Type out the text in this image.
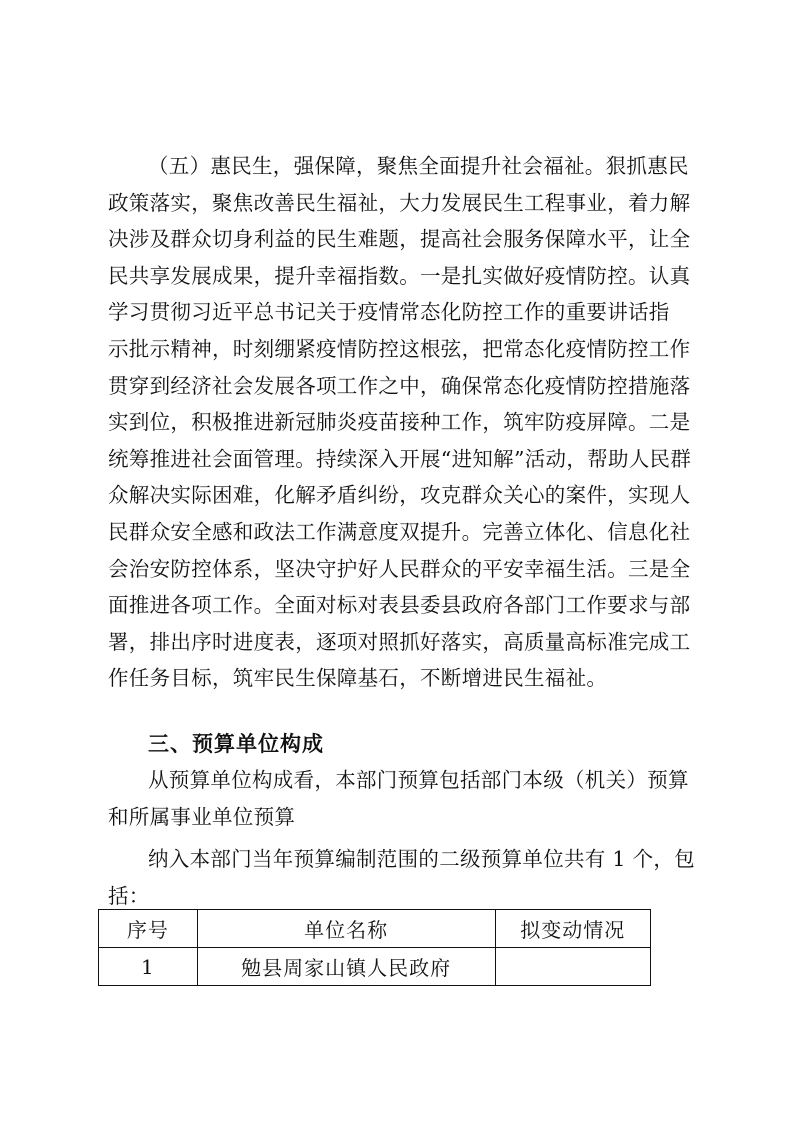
（五）惠民生，强保障，聚焦全面提升社会福祉。狠抓惠民
政策落实，聚焦改善民生福祉，大力发展民生工程事业，着力解
决涉及群众切身利益的民生难题，提高社会服务保障水平，让全
民共享发展成果，提升幸福指数。一是扎实做好疫情防控。认真
学习贯彻习近平总书记关于疫情常态化防控工作的重要讲话指
示批示精神，时刻绷紧疫情防控这根弦，把常态化疫情防控工作
贯穿到经济社会发展各项工作之中，确保常态化疫情防控措施落
实到位，积极推进新冠肺炎疫苗接种工作，筑牢防疫屏障。二是
统筹推进社会面管理。持续深入开展“进知解”活动，帮助人民群
众解决实际困难，化解矛盾纠纷，攻克群众关心的案件，实现人
民群众安全感和政法工作满意度双提升。完善立体化、信息化社
会治安防控体系，坚决守护好人民群众的平安幸福生活。三是全
面推进各项工作。全面对标对表县委县政府各部门工作要求与部
署，排出序时进度表，逐项对照抓好落实，高质量高标准完成工
作任务目标，筑牢民生保障基石，不断增进民生福祉。
三、预算单位构成
从预算单位构成看，本部门预算包括部门本级（机关）预算
和所属事业单位预算
纳入本部门当年预算编制范围的二级预算单位共有 1 个，包
括：
序号	单位名称	拟变动情况
1	勉县周家山镇人民政府	
